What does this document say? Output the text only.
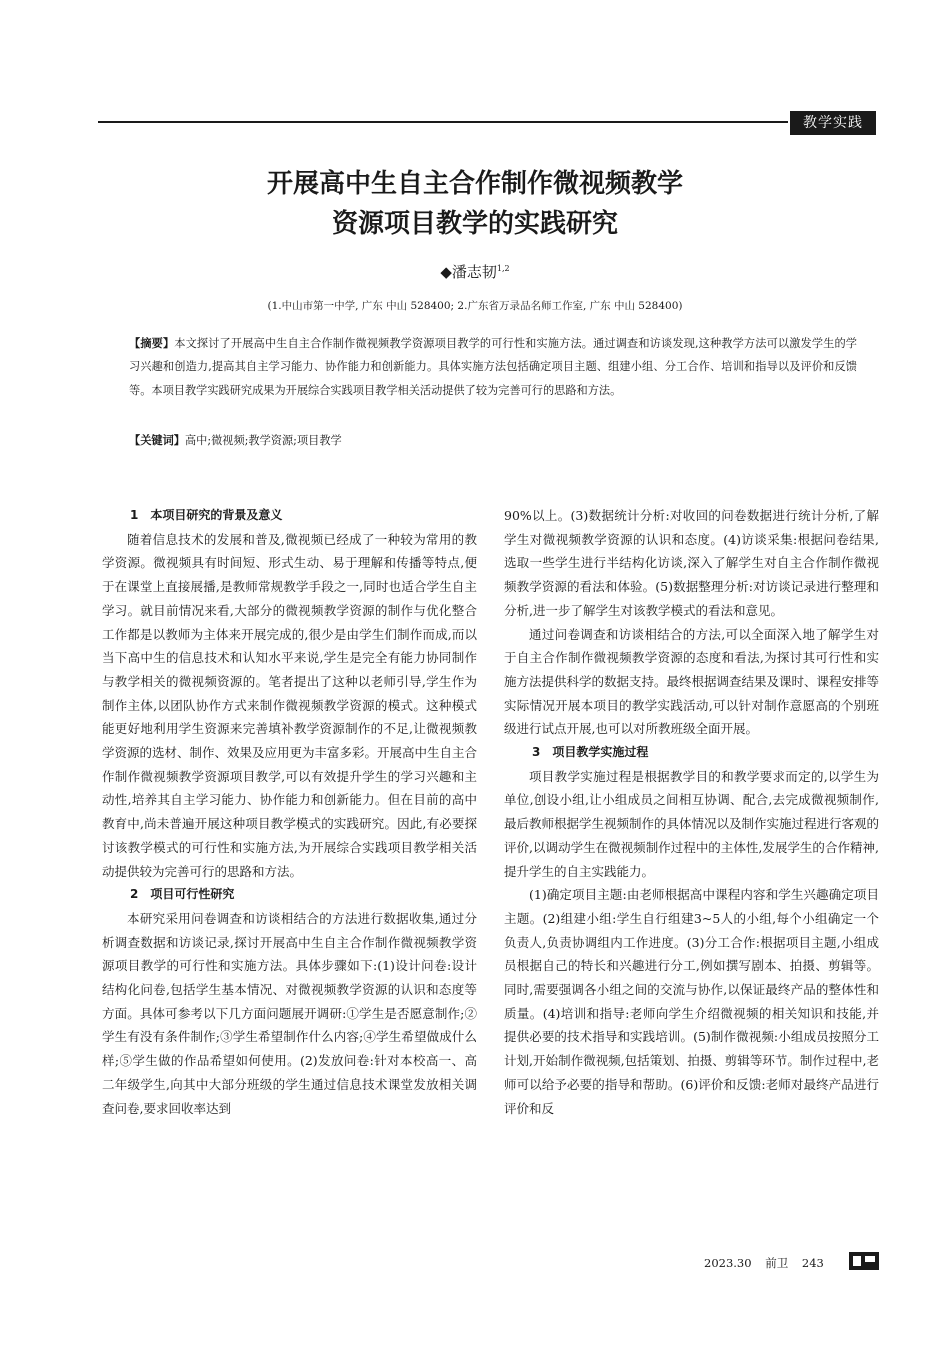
教学实践
开展高中生自主合作制作微视频教学
资源项目教学的实践研究
◆潘志韧$^{1,2}$
(1.中山市第一中学, 广东 中山 528400; 2.广东省万录品名师工作室, 广东 中山 528400)
【摘要】本文探讨了开展高中生自主合作制作微视频教学资源项目教学的可行性和实施方法。通过调查和访谈发现,这种教学方法可以激发学生的学习兴趣和创造力,提高其自主学习能力、协作能力和创新能力。具体实施方法包括确定项目主题、组建小组、分工合作、培训和指导以及评价和反馈等。本项目教学实践研究成果为开展综合实践项目教学相关活动提供了较为完善可行的思路和方法。
【关键词】高中;微视频;教学资源;项目教学
1　本项目研究的背景及意义

随着信息技术的发展和普及,微视频已经成了一种较为常用的教学资源。微视频具有时间短、形式生动、易于理解和传播等特点,便于在课堂上直接展播,是教师常规教学手段之一,同时也适合学生自主学习。就目前情况来看,大部分的微视频教学资源的制作与优化整合工作都是以教师为主体来开展完成的,很少是由学生们制作而成,而以当下高中生的信息技术和认知水平来说,学生是完全有能力协同制作与教学相关的微视频资源的。笔者提出了这种以老师引导,学生作为制作主体,以团队协作方式来制作微视频教学资源的模式。这种模式能更好地利用学生资源来完善填补教学资源制作的不足,让微视频教学资源的选材、制作、效果及应用更为丰富多彩。开展高中生自主合作制作微视频教学资源项目教学,可以有效提升学生的学习兴趣和主动性,培养其自主学习能力、协作能力和创新能力。但在目前的高中教育中,尚未普遍开展这种项目教学模式的实践研究。因此,有必要探讨该教学模式的可行性和实施方法,为开展综合实践项目教学相关活动提供较为完善可行的思路和方法。

2　项目可行性研究

本研究采用问卷调查和访谈相结合的方法进行数据收集,通过分析调查数据和访谈记录,探讨开展高中生自主合作制作微视频教学资源项目教学的可行性和实施方法。具体步骤如下:(1)设计问卷:设计结构化问卷,包括学生基本情况、对微视频教学资源的认识和态度等方面。具体可参考以下几方面问题展开调研:①学生是否愿意制作;②学生有没有条件制作;③学生希望制作什么内容;④学生希望做成什么样;⑤学生做的作品希望如何使用。(2)发放问卷:针对本校高一、高二年级学生,向其中大部分班级的学生通过信息技术课堂发放相关调查问卷,要求回收率达到

90%以上。(3)数据统计分析:对收回的问卷数据进行统计分析,了解学生对微视频教学资源的认识和态度。(4)访谈采集:根据问卷结果,选取一些学生进行半结构化访谈,深入了解学生对自主合作制作微视频教学资源的看法和体验。(5)数据整理分析:对访谈记录进行整理和分析,进一步了解学生对该教学模式的看法和意见。

通过问卷调查和访谈相结合的方法,可以全面深入地了解学生对于自主合作制作微视频教学资源的态度和看法,为探讨其可行性和实施方法提供科学的数据支持。最终根据调查结果及课时、课程安排等实际情况开展本项目的教学实践活动,可以针对制作意愿高的个别班级进行试点开展,也可以对所教班级全面开展。

3　项目教学实施过程

项目教学实施过程是根据教学目的和教学要求而定的,以学生为单位,创设小组,让小组成员之间相互协调、配合,去完成微视频制作,最后教师根据学生视频制作的具体情况以及制作实施过程进行客观的评价,以调动学生在微视频制作过程中的主体性,发展学生的合作精神,提升学生的自主实践能力。

(1)确定项目主题:由老师根据高中课程内容和学生兴趣确定项目主题。(2)组建小组:学生自行组建3~5人的小组,每个小组确定一个负责人,负责协调组内工作进度。(3)分工合作:根据项目主题,小组成员根据自己的特长和兴趣进行分工,例如撰写剧本、拍摄、剪辑等。同时,需要强调各小组之间的交流与协作,以保证最终产品的整体性和质量。(4)培训和指导:老师向学生介绍微视频的相关知识和技能,并提供必要的技术指导和实践培训。(5)制作微视频:小组成员按照分工计划,开始制作微视频,包括策划、拍摄、剪辑等环节。制作过程中,老师可以给予必要的指导和帮助。(6)评价和反馈:老师对最终产品进行评价和反

2023.30 前卫 243
